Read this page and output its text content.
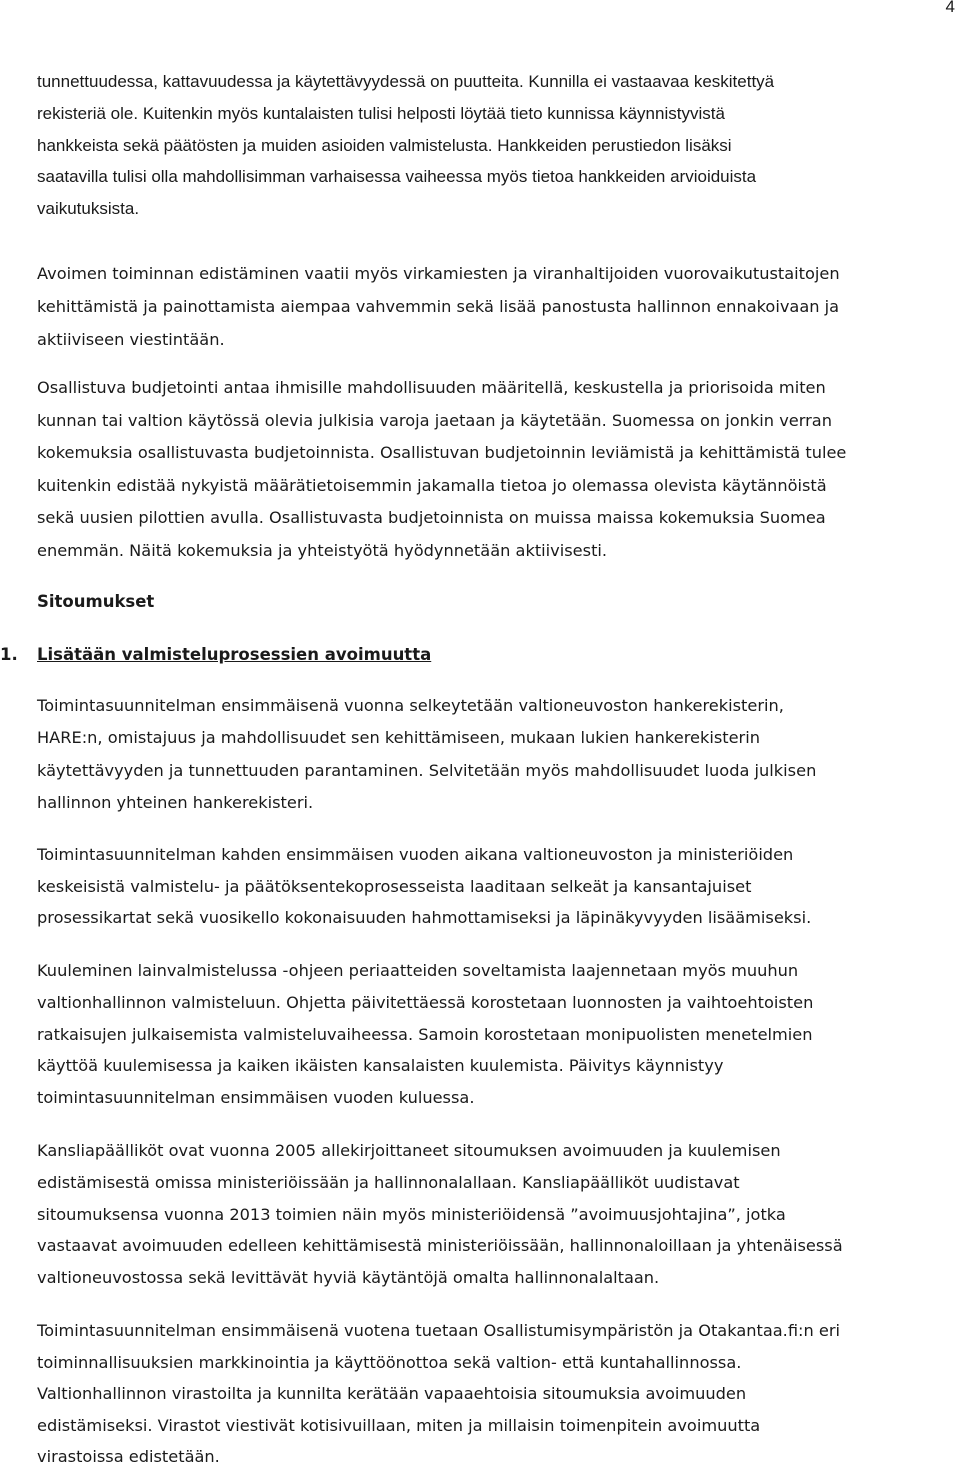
4
tunnettuudessa, kattavuudessa ja käytettävyydessä on puutteita. Kunnilla ei vastaavaa keskitettyä
rekisteriä ole. Kuitenkin myös kuntalaisten tulisi helposti löytää tieto kunnissa käynnistyvistä
hankkeista sekä päätösten ja muiden asioiden valmistelusta. Hankkeiden perustiedon lisäksi
saatavilla tulisi olla mahdollisimman varhaisessa vaiheessa myös tietoa hankkeiden arvioiduista
vaikutuksista.
Avoimen toiminnan edistäminen vaatii myös virkamiesten ja viranhaltijoiden vuorovaikutustaitojen
kehittämistä ja painottamista aiempaa vahvemmin sekä lisää panostusta hallinnon ennakoivaan ja
aktiiviseen viestintään.
Osallistuva budjetointi antaa ihmisille mahdollisuuden määritellä, keskustella ja priorisoida miten
kunnan tai valtion käytössä olevia julkisia varoja jaetaan ja käytetään. Suomessa on jonkin verran
kokemuksia osallistuvasta budjetoinnista. Osallistuvan budjetoinnin leviämistä ja kehittämistä tulee
kuitenkin edistää nykyistä määrätietoisemmin jakamalla tietoa jo olemassa olevista käytännöistä
sekä uusien pilottien avulla. Osallistuvasta budjetoinnista on muissa maissa kokemuksia Suomea
enemmän. Näitä kokemuksia ja yhteistyötä hyödynnetään aktiivisesti.
Sitoumukset
1. Lisätään valmisteluprosessien avoimuutta
Toimintasuunnitelman ensimmäisenä vuonna selkeytetään valtioneuvoston hankerekisterin,
HARE:n, omistajuus ja mahdollisuudet sen kehittämiseen, mukaan lukien hankerekisterin
käytettävyyden ja tunnettuuden parantaminen. Selvitetään myös mahdollisuudet luoda julkisen
hallinnon yhteinen hankerekisteri.
Toimintasuunnitelman kahden ensimmäisen vuoden aikana valtioneuvoston ja ministeriöiden
keskeisistä valmistelu- ja päätöksentekoprosesseista laaditaan selkeät ja kansantajuiset
prosessikartat sekä vuosikello kokonaisuuden hahmottamiseksi ja läpinäkyvyyden lisäämiseksi.
Kuuleminen lainvalmistelussa -ohjeen periaatteiden soveltamista laajennetaan myös muuhun
valtionhallinnon valmisteluun. Ohjetta päivitettäessä korostetaan luonnosten ja vaihtoehtoisten
ratkaisujen julkaisemista valmisteluvaiheessa. Samoin korostetaan monipuolisten menetelmien
käyttöä kuulemisessa ja kaiken ikäisten kansalaisten kuulemista. Päivitys käynnistyy
toimintasuunnitelman ensimmäisen vuoden kuluessa.
Kansliapäälliköt ovat vuonna 2005 allekirjoittaneet sitoumuksen avoimuuden ja kuulemisen
edistämisestä omissa ministeriöissään ja hallinnonalallaan. Kansliapäälliköt uudistavat
sitoumuksensa vuonna 2013 toimien näin myös ministeriöidensä ”avoimuusjohtajina”, jotka
vastaavat avoimuuden edelleen kehittämisestä ministeriöissään, hallinnonaloillaan ja yhtenäisessä
valtioneuvostossa sekä levittävät hyviä käytäntöjä omalta hallinnonalaltaan.
Toimintasuunnitelman ensimmäisenä vuotena tuetaan Osallistumisympäristön ja Otakantaa.fi:n eri
toiminnallisuuksien markkinointia ja käyttöönottoa sekä valtion- että kuntahallinnossa.
Valtionhallinnon virastoilta ja kunnilta kerätään vapaaehtoisia sitoumuksia avoimuuden
edistämiseksi. Virastot viestivät kotisivuillaan, miten ja millaisin toimenpitein avoimuutta
virastoissa edistetään.
